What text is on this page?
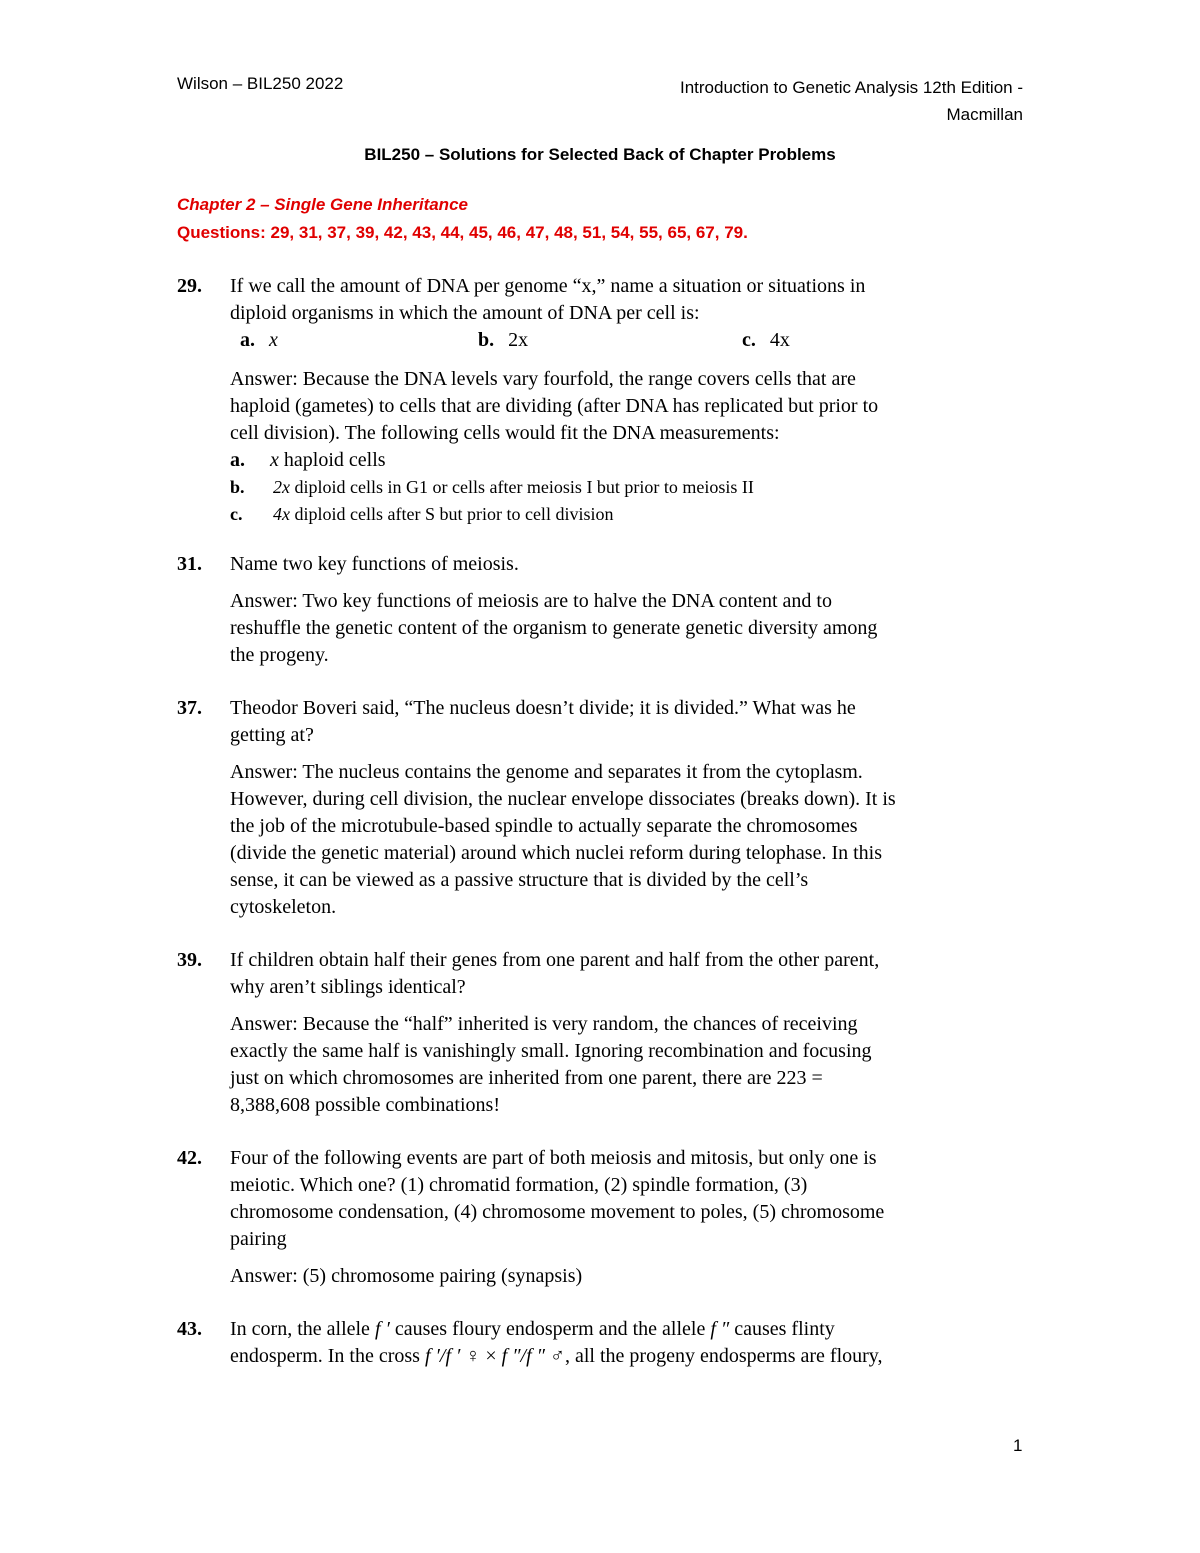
Wilson – BIL250 2022	Introduction to Genetic Analysis 12th Edition -
Macmillan
BIL250 – Solutions for Selected Back of Chapter Problems
Chapter 2 – Single Gene Inheritance
Questions: 29, 31, 37, 39, 42, 43, 44, 45, 46, 47, 48, 51, 54, 55, 65, 67, 79.
29. If we call the amount of DNA per genome “x,” name a situation or situations in
diploid organisms in which the amount of DNA per cell is:
a. x	b. 2x	c. 4x
Answer: Because the DNA levels vary fourfold, the range covers cells that are
haploid (gametes) to cells that are dividing (after DNA has replicated but prior to
cell division). The following cells would fit the DNA measurements:
a. x haploid cells
b. 2x diploid cells in G1 or cells after meiosis I but prior to meiosis II
c. 4x diploid cells after S but prior to cell division
31. Name two key functions of meiosis.
Answer: Two key functions of meiosis are to halve the DNA content and to
reshuffle the genetic content of the organism to generate genetic diversity among
the progeny.
37. Theodor Boveri said, “The nucleus doesn’t divide; it is divided.” What was he
getting at?
Answer: The nucleus contains the genome and separates it from the cytoplasm.
However, during cell division, the nuclear envelope dissociates (breaks down). It is
the job of the microtubule-based spindle to actually separate the chromosomes
(divide the genetic material) around which nuclei reform during telophase. In this
sense, it can be viewed as a passive structure that is divided by the cell’s
cytoskeleton.
39. If children obtain half their genes from one parent and half from the other parent,
why aren’t siblings identical?
Answer: Because the “half” inherited is very random, the chances of receiving
exactly the same half is vanishingly small. Ignoring recombination and focusing
just on which chromosomes are inherited from one parent, there are 223 =
8,388,608 possible combinations!
42. Four of the following events are part of both meiosis and mitosis, but only one is
meiotic. Which one? (1) chromatid formation, (2) spindle formation, (3)
chromosome condensation, (4) chromosome movement to poles, (5) chromosome
pairing
Answer: (5) chromosome pairing (synapsis)
43. In corn, the allele f ′ causes floury endosperm and the allele f ″ causes flinty
endosperm. In the cross f ′/f ′ ♀ × f ″/f ″ ♂, all the progeny endosperms are floury,
1
